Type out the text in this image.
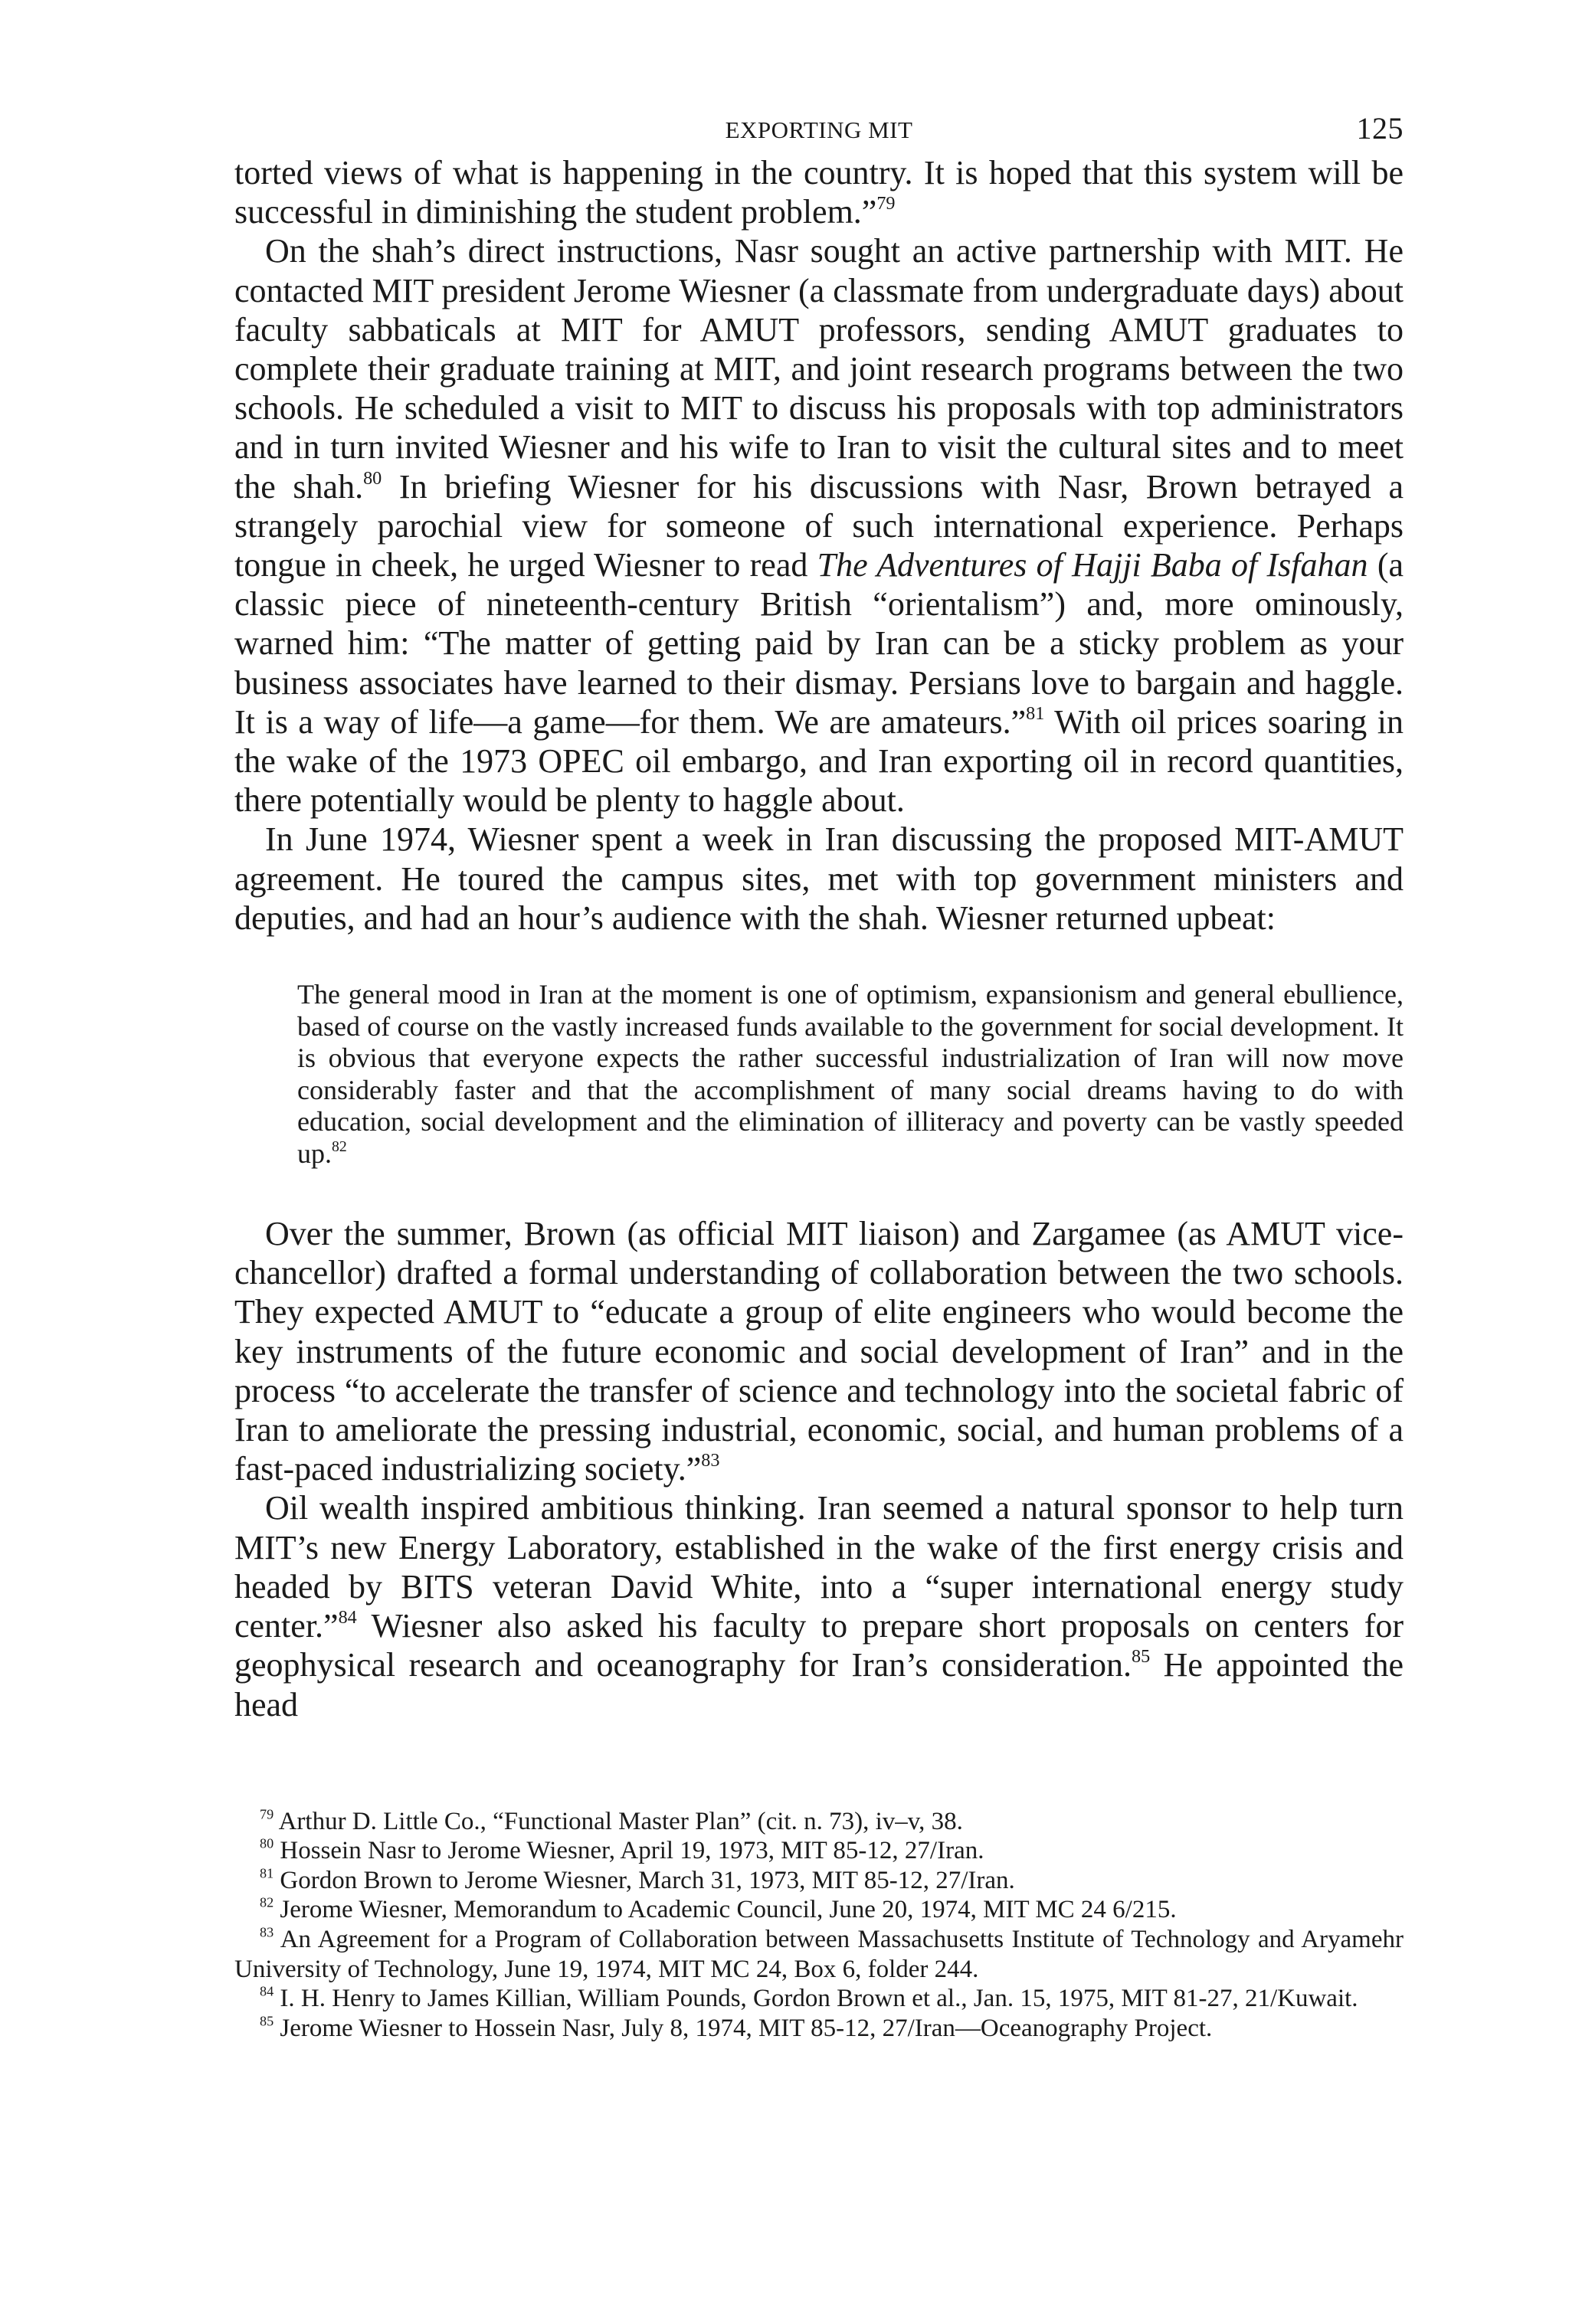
EXPORTING MIT	125

torted views of what is happening in the country. It is hoped that this system will be successful in diminishing the student problem.”$^{79}$

On the shah’s direct instructions, Nasr sought an active partnership with MIT. He contacted MIT president Jerome Wiesner (a classmate from undergraduate days) about faculty sabbaticals at MIT for AMUT professors, sending AMUT graduates to complete their graduate training at MIT, and joint research programs between the two schools. He scheduled a visit to MIT to discuss his proposals with top administrators and in turn invited Wiesner and his wife to Iran to visit the cultural sites and to meet the shah.$^{80}$ In briefing Wiesner for his discussions with Nasr, Brown betrayed a strangely parochial view for someone of such international experience. Perhaps tongue in cheek, he urged Wiesner to read The Adventures of Hajji Baba of Isfahan (a classic piece of nineteenth-century British “orientalism”) and, more ominously, warned him: “The matter of getting paid by Iran can be a sticky problem as your business associates have learned to their dismay. Persians love to bargain and haggle. It is a way of life—a game—for them. We are amateurs.”$^{81}$ With oil prices soaring in the wake of the 1973 OPEC oil embargo, and Iran exporting oil in record quantities, there potentially would be plenty to haggle about.

In June 1974, Wiesner spent a week in Iran discussing the proposed MIT-AMUT agreement. He toured the campus sites, met with top government ministers and deputies, and had an hour’s audience with the shah. Wiesner returned upbeat:

The general mood in Iran at the moment is one of optimism, expansionism and general ebullience, based of course on the vastly increased funds available to the government for social development. It is obvious that everyone expects the rather successful industrialization of Iran will now move considerably faster and that the accomplishment of many social dreams having to do with education, social development and the elimination of illiteracy and poverty can be vastly speeded up.$^{82}$

Over the summer, Brown (as official MIT liaison) and Zargamee (as AMUT vice-chancellor) drafted a formal understanding of collaboration between the two schools. They expected AMUT to “educate a group of elite engineers who would become the key instruments of the future economic and social development of Iran” and in the process “to accelerate the transfer of science and technology into the societal fabric of Iran to ameliorate the pressing industrial, economic, social, and human problems of a fast-paced industrializing society.”$^{83}$

Oil wealth inspired ambitious thinking. Iran seemed a natural sponsor to help turn MIT’s new Energy Laboratory, established in the wake of the first energy crisis and headed by BITS veteran David White, into a “super international energy study center.”$^{84}$ Wiesner also asked his faculty to prepare short proposals on centers for geophysical research and oceanography for Iran’s consideration.$^{85}$ He appointed the head

$^{79}$ Arthur D. Little Co., “Functional Master Plan” (cit. n. 73), iv–v, 38.

$^{80}$ Hossein Nasr to Jerome Wiesner, April 19, 1973, MIT 85-12, 27/Iran.

$^{81}$ Gordon Brown to Jerome Wiesner, March 31, 1973, MIT 85-12, 27/Iran.

$^{82}$ Jerome Wiesner, Memorandum to Academic Council, June 20, 1974, MIT MC 24 6/215.

$^{83}$ An Agreement for a Program of Collaboration between Massachusetts Institute of Technology and Aryamehr University of Technology, June 19, 1974, MIT MC 24, Box 6, folder 244.

$^{84}$ I. H. Henry to James Killian, William Pounds, Gordon Brown et al., Jan. 15, 1975, MIT 81-27, 21/Kuwait.

$^{85}$ Jerome Wiesner to Hossein Nasr, July 8, 1974, MIT 85-12, 27/Iran—Oceanography Project.
